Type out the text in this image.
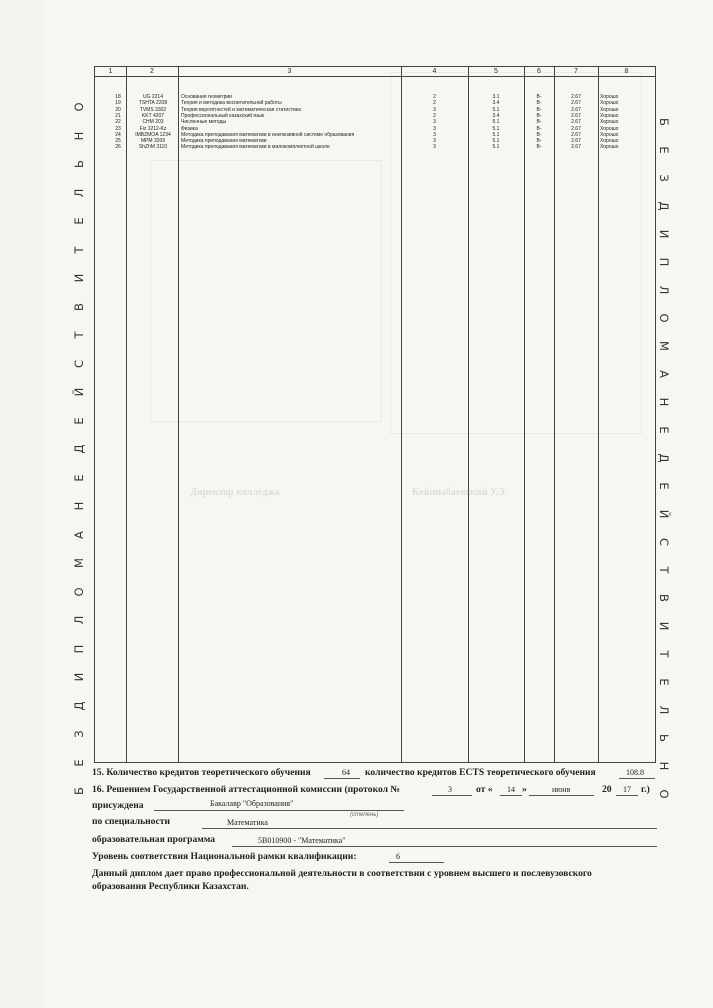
Директор колледжа	Койшыбаевский У.Э.
О
Н
Ь
Л
Е
Т
И
В
Т
С
Й
Е
Д
Е
Н
А
М
О
Л
П
И
Д
З
Е
Б
Б
Е
З
Д
И
П
Л
О
М
А
Н
Е
Д
Е
Й
С
Т
В
И
Т
Е
Л
Ь
Н
О
1	2	3	4	5	6	7	8
18	UG 2214	Основания геометрии	2	3.1	B-	2.67	Хорошо
19	TSHTA 2208	Теория и методика воспитательной работы	2	3.4	B-	2.67	Хорошо
20	TVMS 3302	Теория вероятностей и математическая статистика	3	5.1	B-	2.67	Хорошо
21	KKT 4207	Профессиональный казахский язык	2	3.4	B-	2.67	Хорошо
22	CHM 203	Численные методы	3	5.1	B-	2.67	Хорошо
23	Fiz 1212-Kz	Физика	3	5.1	B-	2.67	Хорошо
24	IMBZMOA 1234	Методика преподавания математики в инклюзивной системе образования	3	5.1	B-	2.67	Хорошо
25	MPM 3209	Методика преподавания математики	3	5.1	B-	2.67	Хорошо
26	ShZhM 3110	Методика преподавания математики в малокомплектной школе	3	5.1	B-	2.67	Хорошо
15. Количество кредитов теоретического обучения	64 количество кредитов ECTS теоретического обучения	108.8
16. Решением Государственной аттестационной комиссии (протокол №	3	от « 14 »	июня	20 17 г.)
присуждена	Бакалавр "Образования"
(степень)
по специальности	Математика
образовательная программа	5В010900 - "Математика"
Уровень соответствия Национальной рамки квалификации:	6
Данный диплом дает право профессиональной деятельности в соответствии с уровнем высшего и послевузовского
образования Республики Казахстан.
